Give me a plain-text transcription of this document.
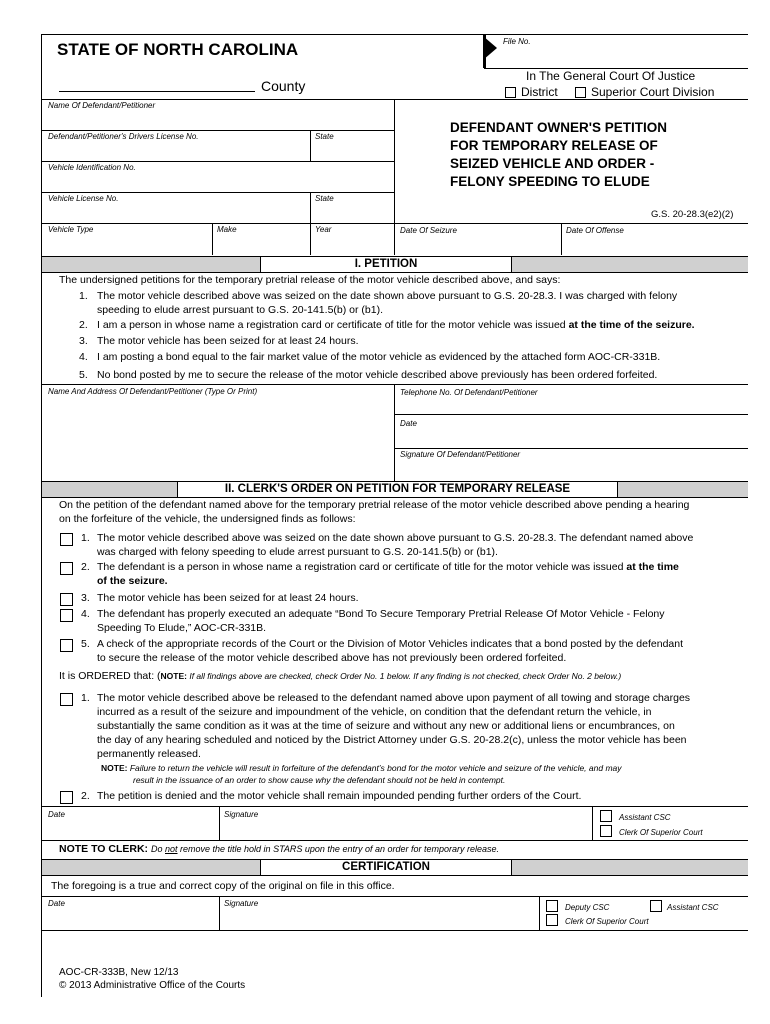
STATE OF NORTH CAROLINA
County
File No.
In The General Court Of Justice
District	Superior Court Division
Name Of Defendant/Petitioner
Defendant/Petitioner's Drivers License No.	State
Vehicle Identification No.
Vehicle License No.	State
DEFENDANT OWNER'S PETITION
FOR TEMPORARY RELEASE OF
SEIZED VEHICLE AND ORDER -
FELONY SPEEDING TO ELUDE
G.S. 20-28.3(e2)(2)
Vehicle Type	Make	Year	Date Of Seizure	Date Of Offense
I. PETITION
The undersigned petitions for the temporary pretrial release of the motor vehicle described above, and says:
1. The motor vehicle described above was seized on the date shown above pursuant to G.S. 20-28.3. I was charged with felony
speeding to elude arrest pursuant to G.S. 20-141.5(b) or (b1).
2. I am a person in whose name a registration card or certificate of title for the motor vehicle was issued at the time of the seizure.
3. The motor vehicle has been seized for at least 24 hours.
4. I am posting a bond equal to the fair market value of the motor vehicle as evidenced by the attached form AOC-CR-331B.
5. No bond posted by me to secure the release of the motor vehicle described above previously has been ordered forfeited.
Name And Address Of Defendant/Petitioner (Type Or Print)	Telephone No. Of Defendant/Petitioner
Date
Signature Of Defendant/Petitioner
II. CLERK'S ORDER ON PETITION FOR TEMPORARY RELEASE
On the petition of the defendant named above for the temporary pretrial release of the motor vehicle described above pending a hearing
on the forfeiture of the vehicle, the undersigned finds as follows:
1. The motor vehicle described above was seized on the date shown above pursuant to G.S. 20-28.3. The defendant named above
was charged with felony speeding to elude arrest pursuant to G.S. 20-141.5(b) or (b1).
2. The defendant is a person in whose name a registration card or certificate of title for the motor vehicle was issued at the time
of the seizure.
3. The motor vehicle has been seized for at least 24 hours.
4. The defendant has properly executed an adequate “Bond To Secure Temporary Pretrial Release Of Motor Vehicle - Felony
Speeding To Elude,” AOC-CR-331B.
5. A check of the appropriate records of the Court or the Division of Motor Vehicles indicates that a bond posted by the defendant
to secure the release of the motor vehicle described above has not previously been ordered forfeited.
It is ORDERED that: (NOTE: If all findings above are checked, check Order No. 1 below. If any finding is not checked, check Order No. 2 below.)
1. The motor vehicle described above be released to the defendant named above upon payment of all towing and storage charges
incurred as a result of the seizure and impoundment of the vehicle, on condition that the defendant return the vehicle, in
substantially the same condition as it was at the time of seizure and without any new or additional liens or encumbrances, on
the day of any hearing scheduled and noticed by the District Attorney under G.S. 20-28.2(c), unless the motor vehicle has been
permanently released.
NOTE: Failure to return the vehicle will result in forfeiture of the defendant’s bond for the motor vehicle and seizure of the vehicle, and may
result in the issuance of an order to show cause why the defendant should not be held in contempt.
2. The petition is denied and the motor vehicle shall remain impounded pending further orders of the Court.
Date	Signature	Assistant CSC
Clerk Of Superior Court
NOTE TO CLERK: Do not remove the title hold in STARS upon the entry of an order for temporary release.
CERTIFICATION
The foregoing is a true and correct copy of the original on file in this office.
Date	Signature	Deputy CSC	Assistant CSC
Clerk Of Superior Court
AOC-CR-333B, New 12/13
© 2013 Administrative Office of the Courts
